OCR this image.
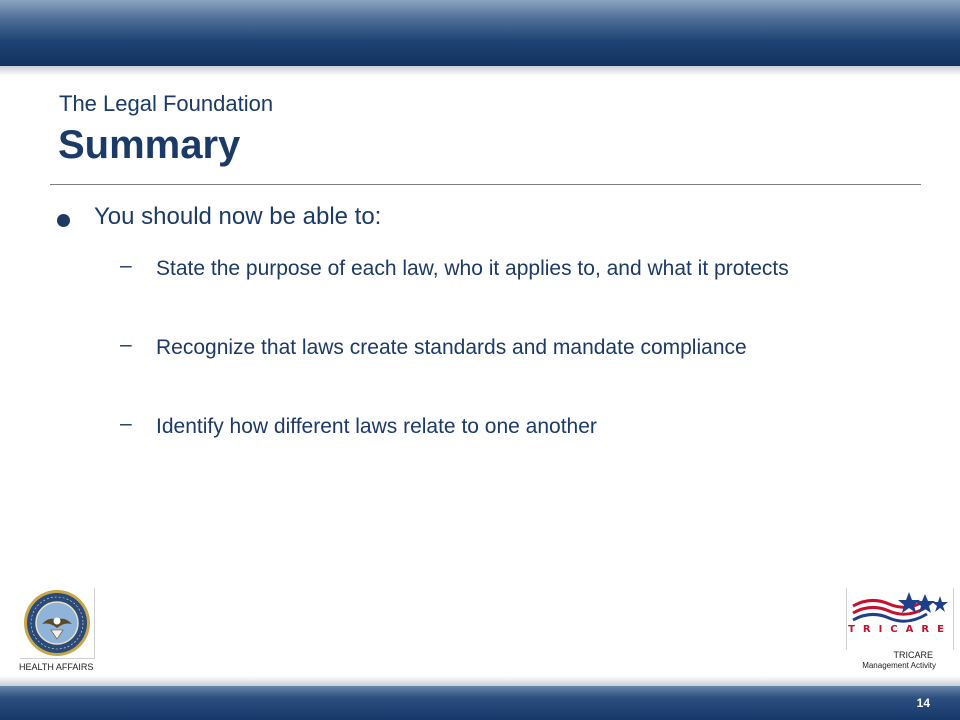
The Legal Foundation
Summary
You should now be able to:
– State the purpose of each law, who it applies to, and what it protects
– Recognize that laws create standards and mandate compliance
– Identify how different laws relate to one another
HEALTH AFFAIRS
TRICARE
TRICARE
Management Activity
14
